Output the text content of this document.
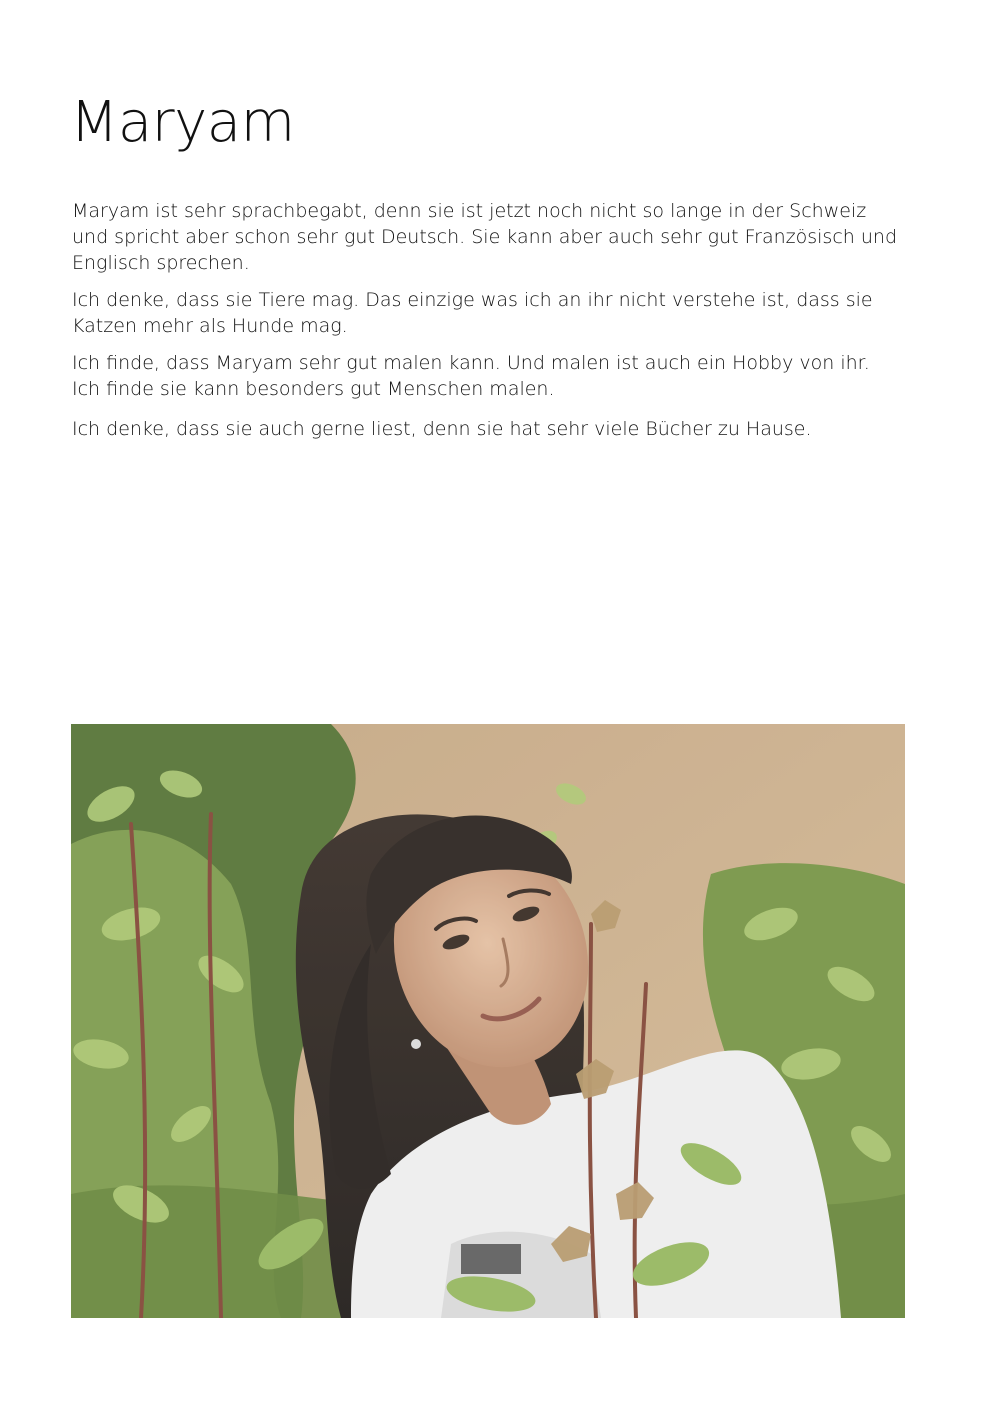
Maryam

Maryam ist sehr sprachbegabt, denn sie ist jetzt noch nicht so lange in der Schweiz und spricht aber schon sehr gut Deutsch. Sie kann aber auch sehr gut Französisch und Englisch sprechen.

Ich denke, dass sie Tiere mag. Das einzige was ich an ihr nicht verstehe ist, dass sie Katzen mehr als Hunde mag.

Ich finde, dass Maryam sehr gut malen kann. Und malen ist auch ein Hobby von ihr. Ich finde sie kann besonders gut Menschen malen.

Ich denke, dass sie auch gerne liest, denn sie hat sehr viele Bücher zu Hause.
